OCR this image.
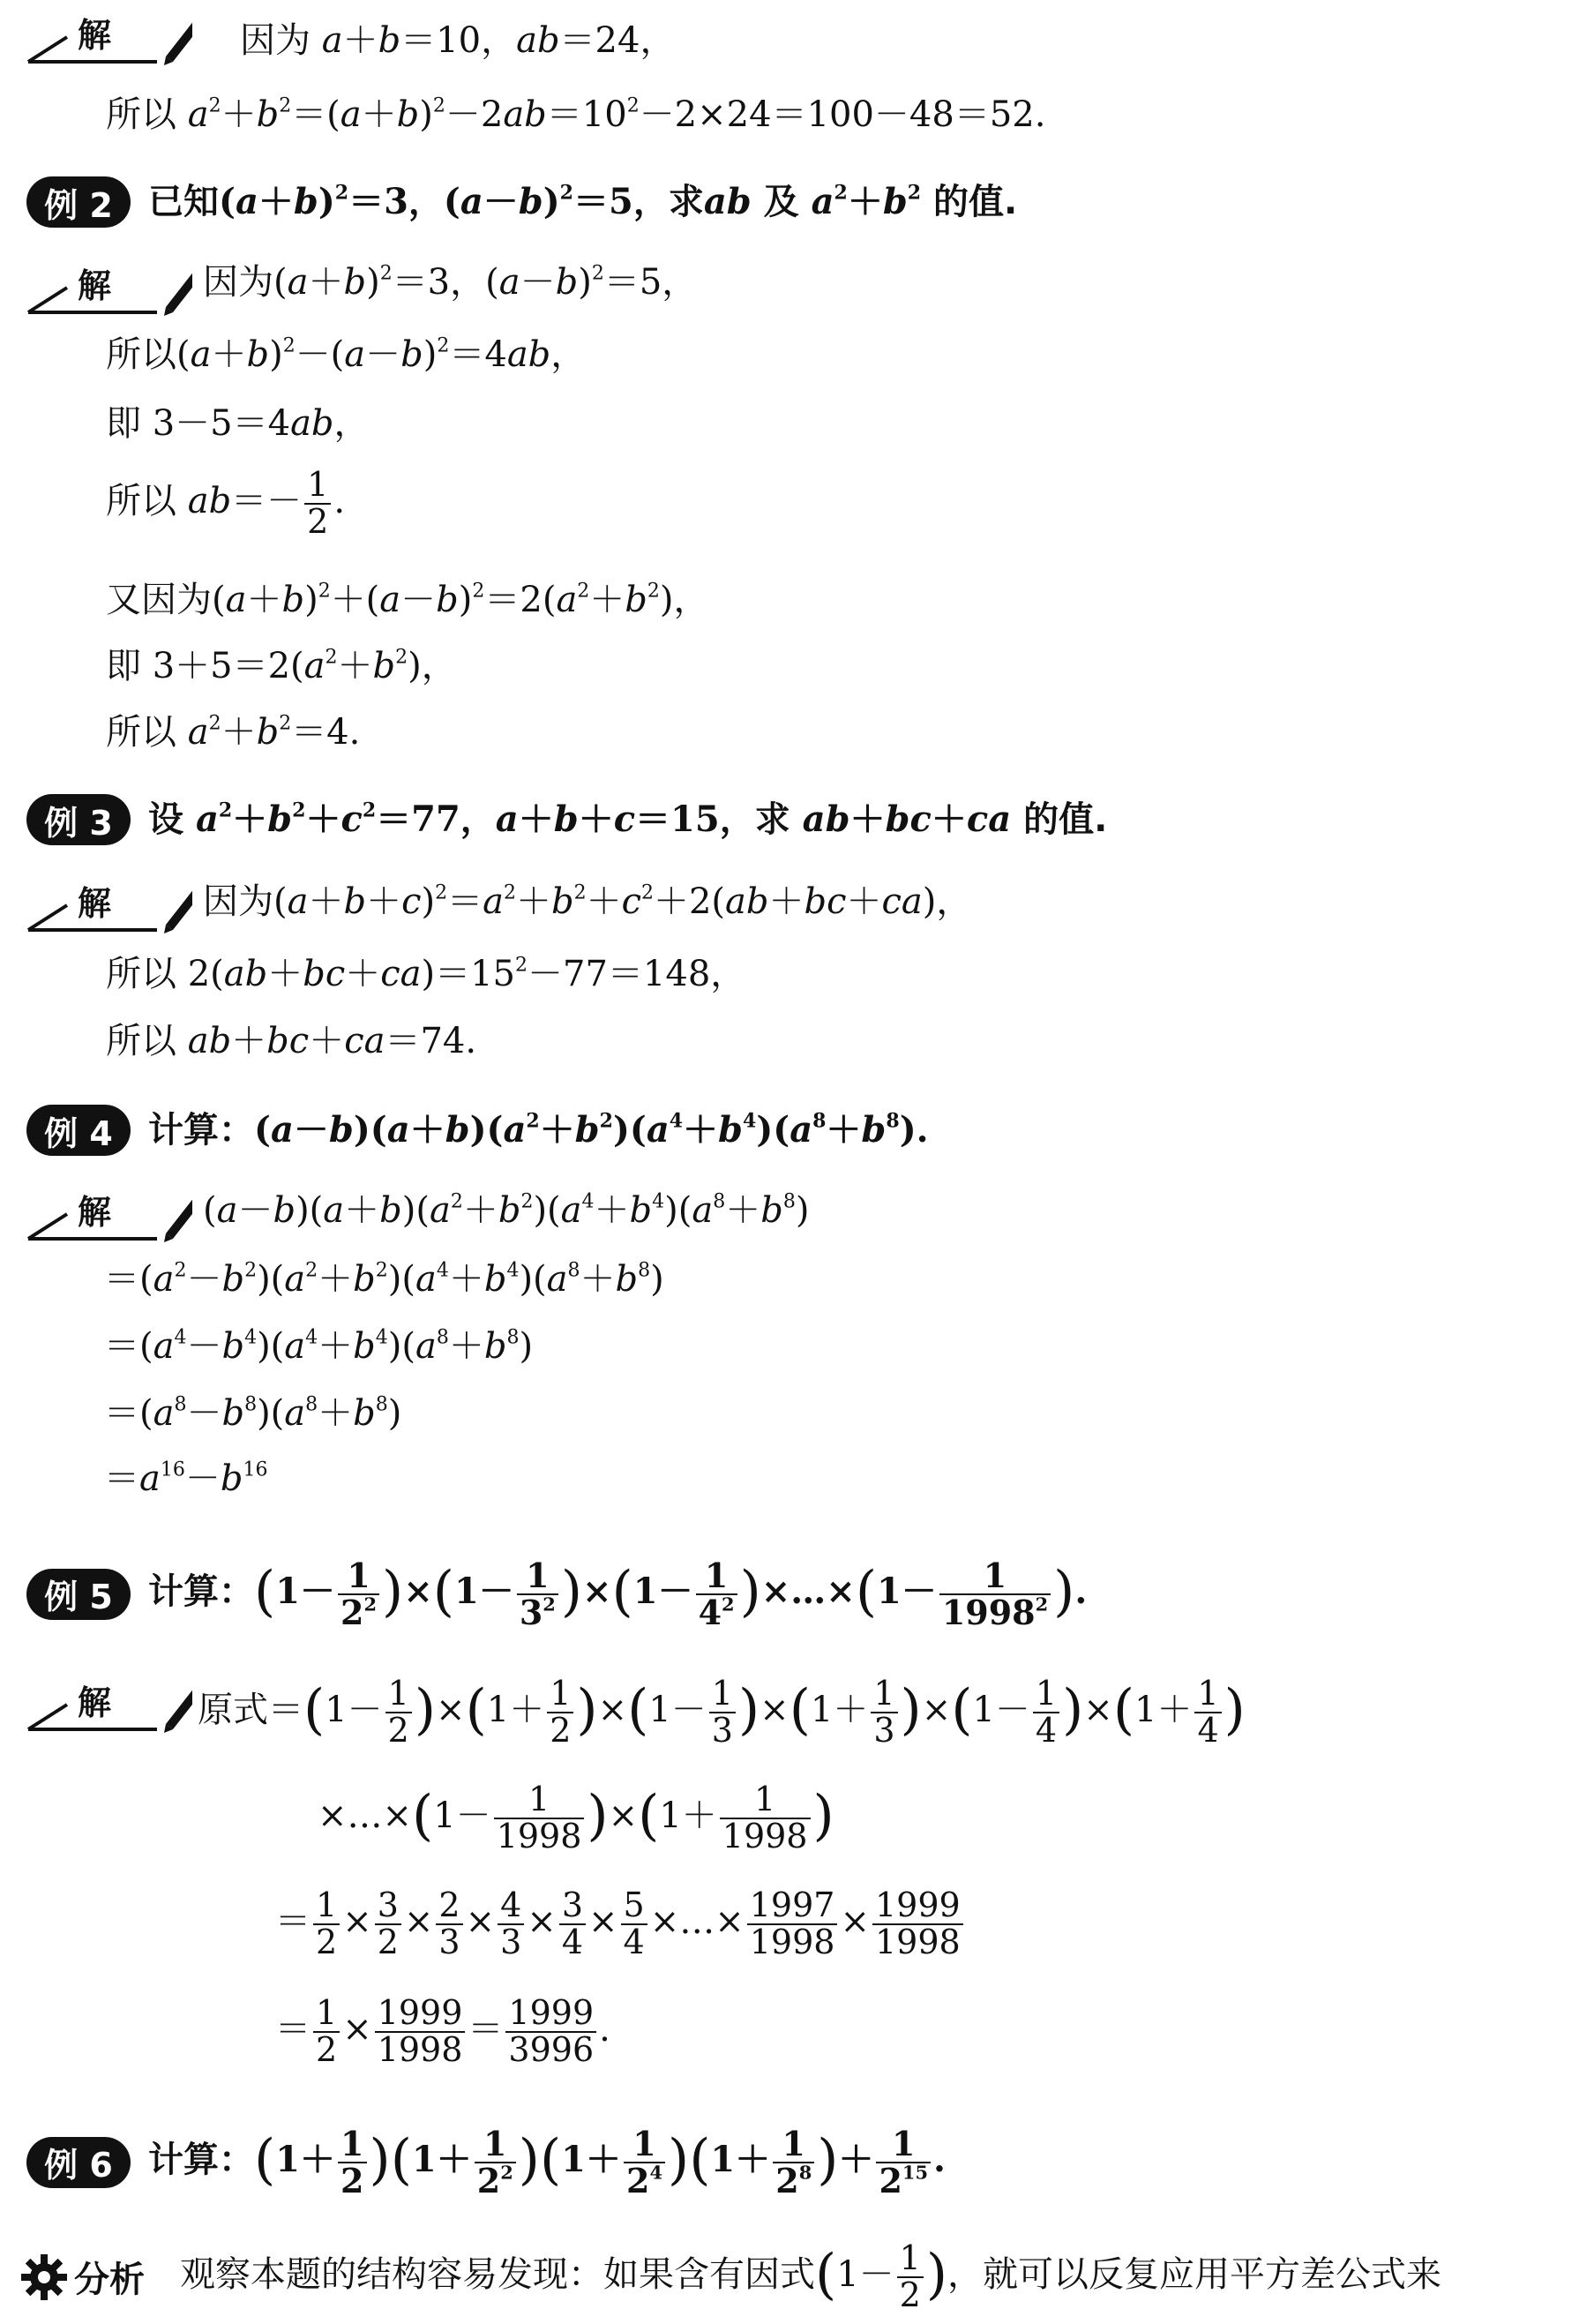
解	因为 a＋b＝10，ab＝24，
所以 $a^2+b^2=(a+b)^2-2ab=10^2-2\times 24=100-48=52$.
例 2	已知$(a+b)^2=3$，$(a-b)^2=5$，求ab 及 $a^2+b^2$ 的值.
解	因为$(a+b)^2=3$，$(a-b)^2=5$，
所以$(a+b)^2-(a-b)^2=4ab$，
即 3－5＝4ab，
所以 $ab=- \frac{1}{2}$ .
又因为$(a+b)^2+(a-b)^2=2(a^2+b^2)$，
即 $3+5=2(a^2+b^2)$，
所以 $a^2+b^2=4$.
例 3	设 $a^2+b^2+c^2=77$，a＋b＋c＝15，求 ab＋bc＋ca 的值.
解	因为$(a+b+c)^2=a^2+b^2+c^2+2(ab+bc+ca)$，
所以 $2(ab+bc+ca)=15^2-77=148$，
所以 ab＋bc＋ca＝74.
例 4	计算：$(a-b)(a+b)(a^2+b^2)(a^4+b^4)(a^8+b^8)$.
解	$(a-b)(a+b)(a^2+b^2)(a^4+b^4)(a^8+b^8)$
$=(a^2-b^2)(a^2+b^2)(a^4+b^4)(a^8+b^8)$
$=(a^4-b^4)(a^4+b^4)(a^8+b^8)$
$=(a^8-b^8)(a^8+b^8)$
$=a^{16}-b^{16}$
例 5	计算：$(1- \frac{1}{2^2} )\times(1- \frac{1}{3^2} )\times(1- \frac{1}{4^2}$ )×…×(1－ $\frac{1}{1998^2}$ ).
解 原式$=(1- \frac{1}{2} )\times(1+ \frac{1}{2} )\times(1- \frac{1}{3} )\times(1+ \frac{1}{3} )\times(1- \frac{1}{4} )\times(1+ \frac{1}{4}$ )
×…×(1－ $\frac{1}{1998} )\times(1+ \frac{1}{1998}$ )
＝ $\frac{1}{2} \times \frac{3}{2} \times \frac{2}{3} \times \frac{4}{3} \times \frac{3}{4} \times \frac{5}{4}$ ×…× $\frac{1997}{1998} \times \frac{1999}{1998}$
＝ $\frac{1}{2} \times \frac{1999}{1998} = \frac{1999}{3996}$ .
例 6	计算：$(1+ \frac{1}{2} )(1+ \frac{1}{2^2} )(1+ \frac{1}{2^4} )(1+ \frac{1}{2^8}$ )＋ $\frac{1}{2^{15}}$ .
分析 观察本题的结构容易发现：如果含有因式($1- \frac{1}{2}$ )，就可以反复应用平方差公式来
